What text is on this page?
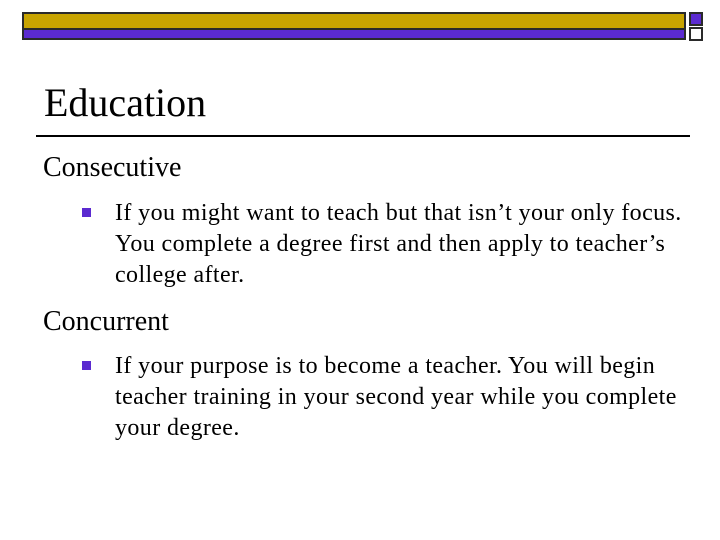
Education
Consecutive

If you might want to teach but that isn’t your only focus. You complete a degree first and then apply to teacher’s college after.

Concurrent

If your purpose is to become a teacher. You will begin teacher training in your second year while you complete your degree.
